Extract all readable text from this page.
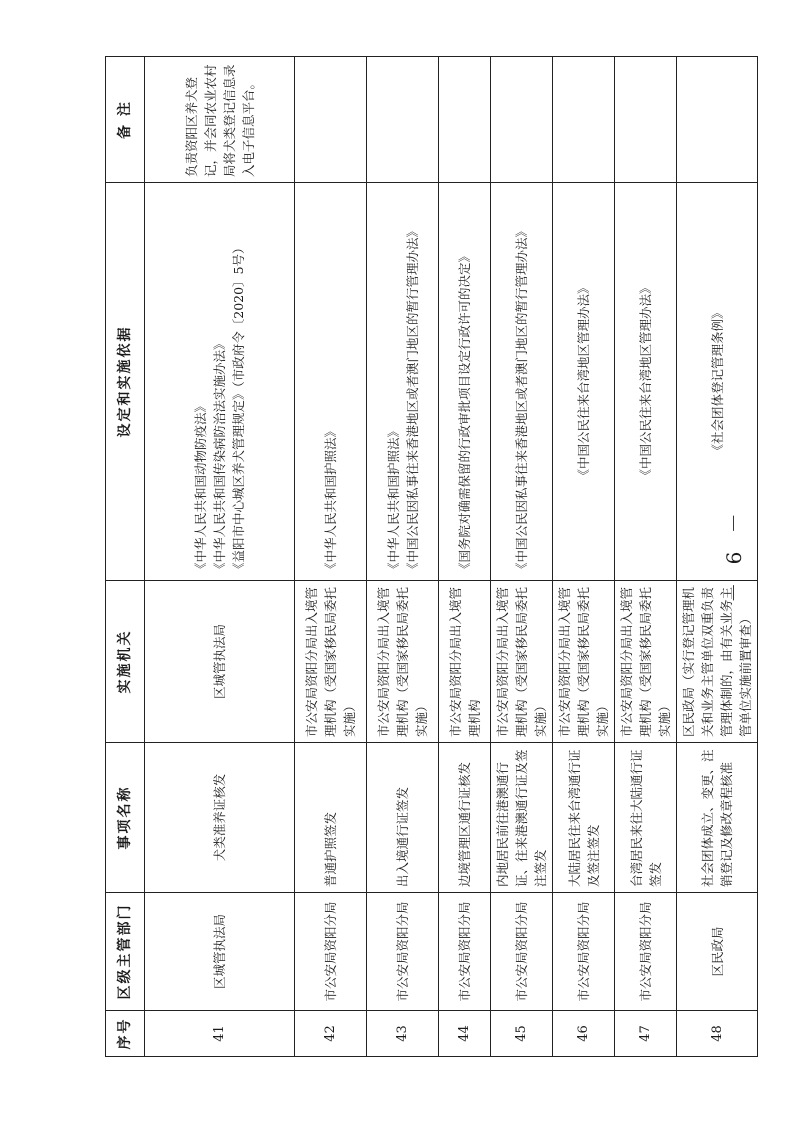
序号	区级主管部门	事项名称	实施机关	设定和实施依据	备 注
41	区城管执法局	犬类准养证核发	区城管执法局	《中华人民共和国动物防疫法》 《中华人民共和国传染病防治法实施办法》 《益阳市中心城区养犬管理规定》（市政府令〔2020〕5号）	负责资阳区养犬登记，并会同农业农村局将犬类登记信息录入电子信息平台。
42	市公安局资阳分局	普通护照签发	市公安局资阳分局出入境管理机构（受国家移民局委托实施）	《中华人民共和国护照法》	

43	市公安局资阳分局	出入境通行证签发	市公安局资阳分局出入境管理机构（受国家移民局委托实施）	《中华人民共和国护照法》 《中国公民因私事往来香港地区或者澳门地区的暂行管理办法》	

44	市公安局资阳分局	边境管理区通行证核发	市公安局资阳分局出入境管理机构	《国务院对确需保留的行政审批项目设定行政许可的决定》	

45	市公安局资阳分局	内地居民前往港澳通行证、往来港澳通行证及签注签发	市公安局资阳分局出入境管理机构（受国家移民局委托实施）	《中国公民因私事往来香港地区或者澳门地区的暂行管理办法》	

46	市公安局资阳分局	大陆居民往来台湾通行证及签注签发	市公安局资阳分局出入境管理机构（受国家移民局委托实施）	《中国公民往来台湾地区管理办法》	

47	市公安局资阳分局	台湾居民来往大陆通行证签发	市公安局资阳分局出入境管理机构（受国家移民局委托实施）	《中国公民往来台湾地区管理办法》	

48	区民政局	社会团体成立、变更、注销登记及修改章程核准	区民政局（实行登记管理机关和业务主管单位双重负责管理体制的，由有关业务主管单位实施前置审查）	《社会团体登记管理条例》	

－ 6 －
